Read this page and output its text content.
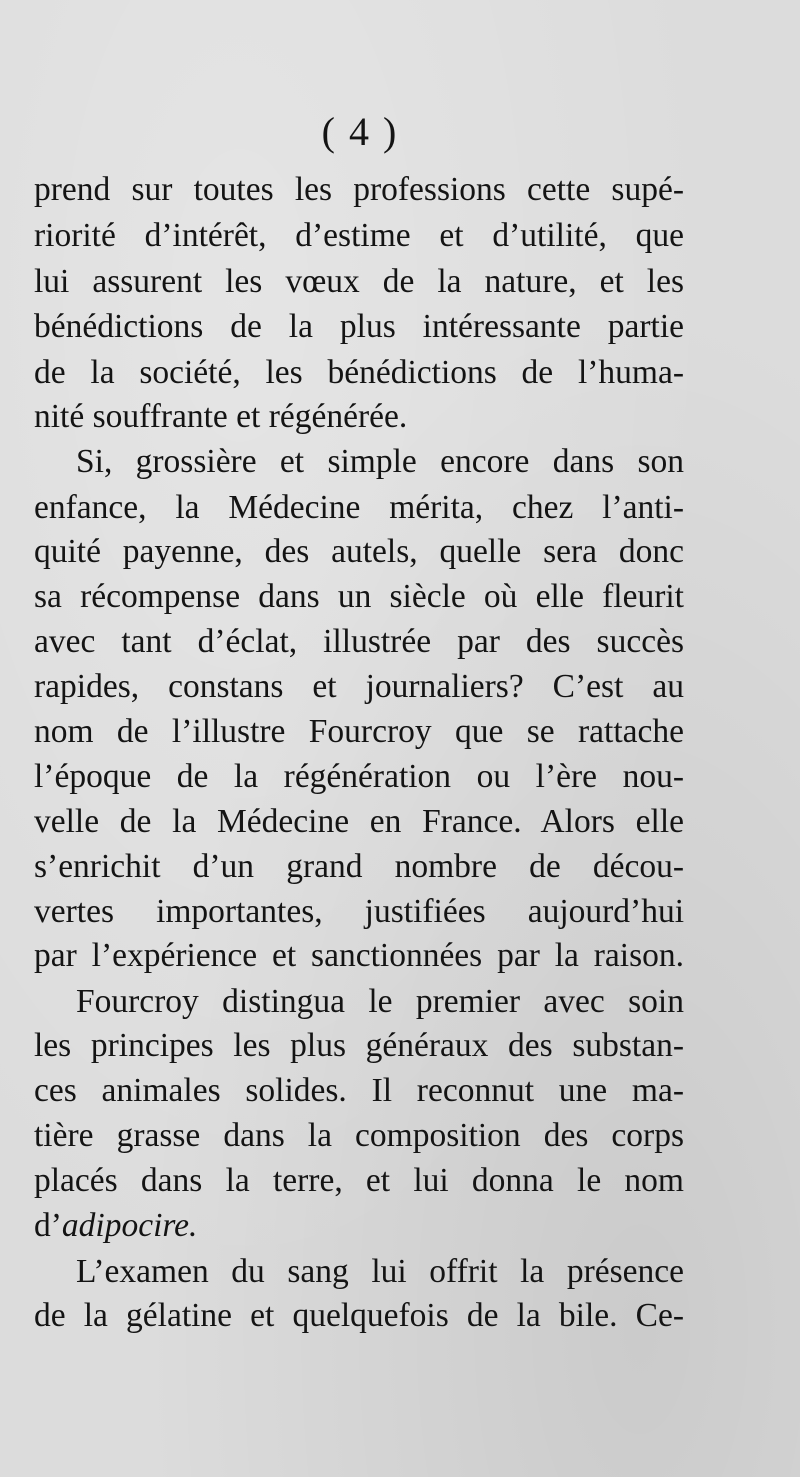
( 4 )
prend sur toutes les professions cette supé-
riorité d’intérêt, d’estime et d’utilité, que
lui assurent les vœux de la nature, et les
bénédictions de la plus intéressante partie
de la société, les bénédictions de l’huma-
nité souffrante et régénérée.
Si, grossière et simple encore dans son
enfance, la Médecine mérita, chez l’anti-
quité payenne, des autels, quelle sera donc
sa récompense dans un siècle où elle fleurit
avec tant d’éclat, illustrée par des succès
rapides, constans et journaliers? C’est au
nom de l’illustre Fourcroy que se rattache
l’époque de la régénération ou l’ère nou-
velle de la Médecine en France. Alors elle
s’enrichit d’un grand nombre de décou-
vertes importantes, justifiées aujourd’hui
par l’expérience et sanctionnées par la raison.
Fourcroy distingua le premier avec soin
les principes les plus généraux des substan-
ces animales solides. Il reconnut une ma-
tière grasse dans la composition des corps
placés dans la terre, et lui donna le nom
d’adipocire.
L’examen du sang lui offrit la présence
de la gélatine et quelquefois de la bile. Ce-
